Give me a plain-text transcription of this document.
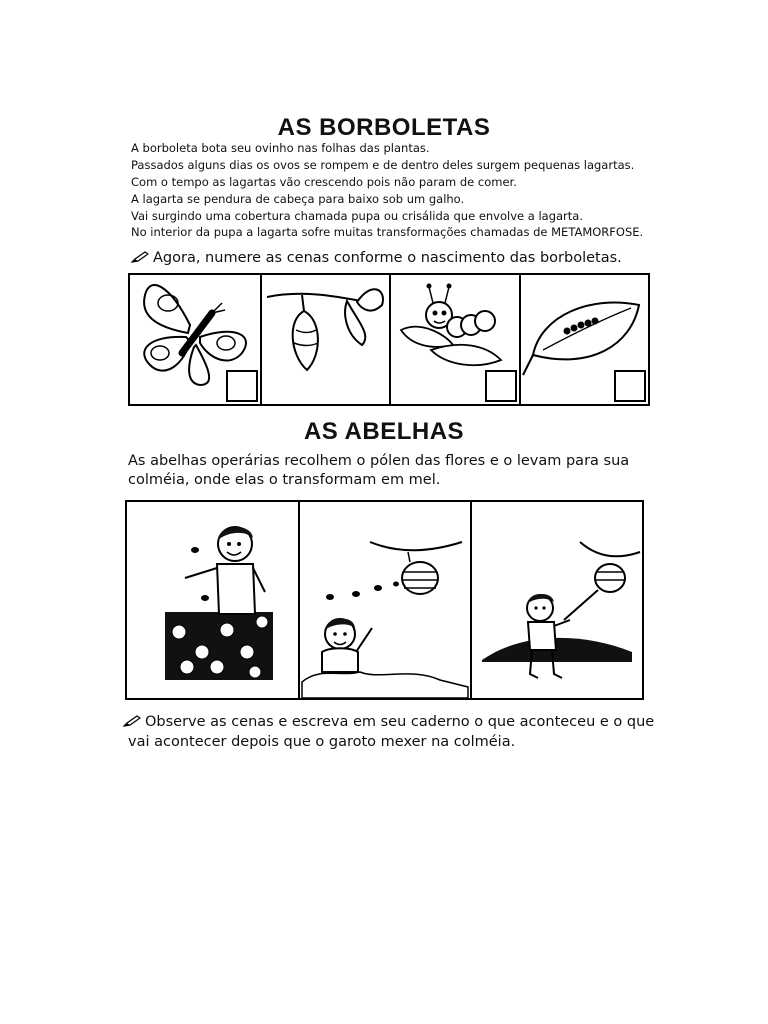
AS BORBOLETAS
A borboleta bota seu ovinho nas folhas das plantas.
Passados alguns dias os ovos se rompem e de dentro deles surgem pequenas lagartas.
Com o tempo as lagartas vão crescendo pois não param de comer.
A lagarta se pendura de cabeça para baixo sob um galho.
Vai surgindo uma cobertura chamada pupa ou crisálida que envolve a lagarta.
No interior da pupa a lagarta sofre muitas transformações chamadas de METAMORFOSE.
Agora, numere as cenas conforme o nascimento das borboletas.
AS ABELHAS
As abelhas operárias recolhem o pólen das flores e o levam para sua
colméia, onde elas o transformam em mel.
Observe as cenas e escreva em seu caderno o que aconteceu e o que
vai acontecer depois que o garoto mexer na colméia.
